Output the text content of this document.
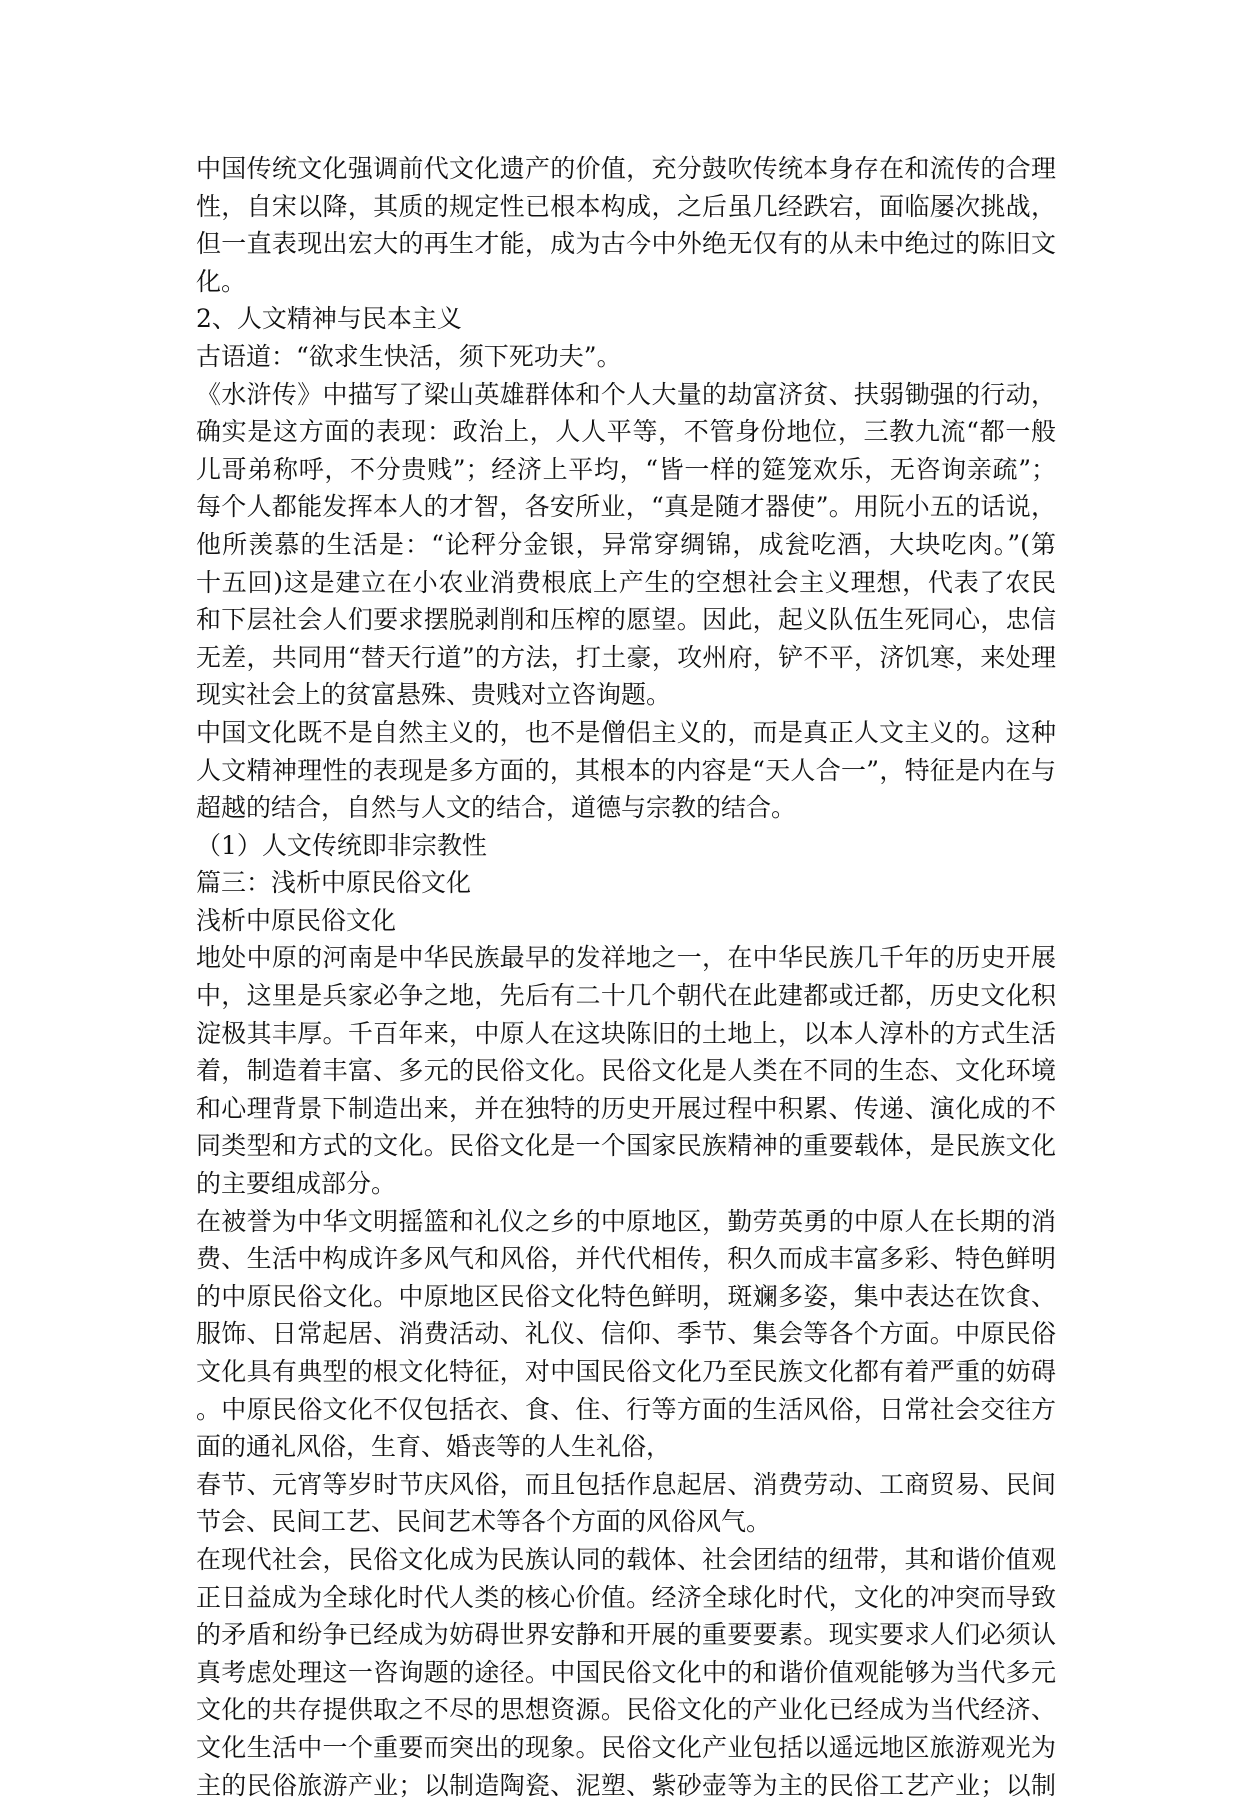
中国传统文化强调前代文化遗产的价值，充分鼓吹传统本身存在和流传的合理
性，自宋以降，其质的规定性已根本构成，之后虽几经跌宕，面临屡次挑战，
但一直表现出宏大的再生才能，成为古今中外绝无仅有的从未中绝过的陈旧文
化。
2、人文精神与民本主义
古语道：“欲求生快活，须下死功夫”。
《水浒传》中描写了梁山英雄群体和个人大量的劫富济贫、扶弱锄强的行动，
确实是这方面的表现：政治上，人人平等，不管身份地位，三教九流“都一般
儿哥弟称呼，不分贵贱”；经济上平均，“皆一样的筵笼欢乐，无咨询亲疏”；
每个人都能发挥本人的才智，各安所业，“真是随才器使”。用阮小五的话说，
他所羡慕的生活是：“论秤分金银，异常穿绸锦，成瓮吃酒，大块吃肉。”(第
十五回)这是建立在小农业消费根底上产生的空想社会主义理想，代表了农民
和下层社会人们要求摆脱剥削和压榨的愿望。因此，起义队伍生死同心，忠信
无差，共同用“替天行道”的方法，打土豪，攻州府，铲不平，济饥寒，来处理
现实社会上的贫富悬殊、贵贱对立咨询题。
中国文化既不是自然主义的，也不是僧侣主义的，而是真正人文主义的。这种
人文精神理性的表现是多方面的，其根本的内容是“天人合一”，特征是内在与
超越的结合，自然与人文的结合，道德与宗教的结合。
（1）人文传统即非宗教性
篇三：浅析中原民俗文化
浅析中原民俗文化
地处中原的河南是中华民族最早的发祥地之一，在中华民族几千年的历史开展
中，这里是兵家必争之地，先后有二十几个朝代在此建都或迁都，历史文化积
淀极其丰厚。千百年来，中原人在这块陈旧的土地上，以本人淳朴的方式生活
着，制造着丰富、多元的民俗文化。民俗文化是人类在不同的生态、文化环境
和心理背景下制造出来，并在独特的历史开展过程中积累、传递、演化成的不
同类型和方式的文化。民俗文化是一个国家民族精神的重要载体，是民族文化
的主要组成部分。
在被誉为中华文明摇篮和礼仪之乡的中原地区，勤劳英勇的中原人在长期的消
费、生活中构成许多风气和风俗，并代代相传，积久而成丰富多彩、特色鲜明
的中原民俗文化。中原地区民俗文化特色鲜明，斑斓多姿，集中表达在饮食、
服饰、日常起居、消费活动、礼仪、信仰、季节、集会等各个方面。中原民俗
文化具有典型的根文化特征，对中国民俗文化乃至民族文化都有着严重的妨碍
。中原民俗文化不仅包括衣、食、住、行等方面的生活风俗，日常社会交往方
面的通礼风俗，生育、婚丧等的人生礼俗，
春节、元宵等岁时节庆风俗，而且包括作息起居、消费劳动、工商贸易、民间
节会、民间工艺、民间艺术等各个方面的风俗风气。
在现代社会，民俗文化成为民族认同的载体、社会团结的纽带，其和谐价值观
正日益成为全球化时代人类的核心价值。经济全球化时代，文化的冲突而导致
的矛盾和纷争已经成为妨碍世界安静和开展的重要要素。现实要求人们必须认
真考虑处理这一咨询题的途径。中国民俗文化中的和谐价值观能够为当代多元
文化的共存提供取之不尽的思想资源。民俗文化的产业化已经成为当代经济、
文化生活中一个重要而突出的现象。民俗文化产业包括以遥远地区旅游观光为
主的民俗旅游产业；以制造陶瓷、泥塑、紫砂壶等为主的民俗工艺产业；以制
